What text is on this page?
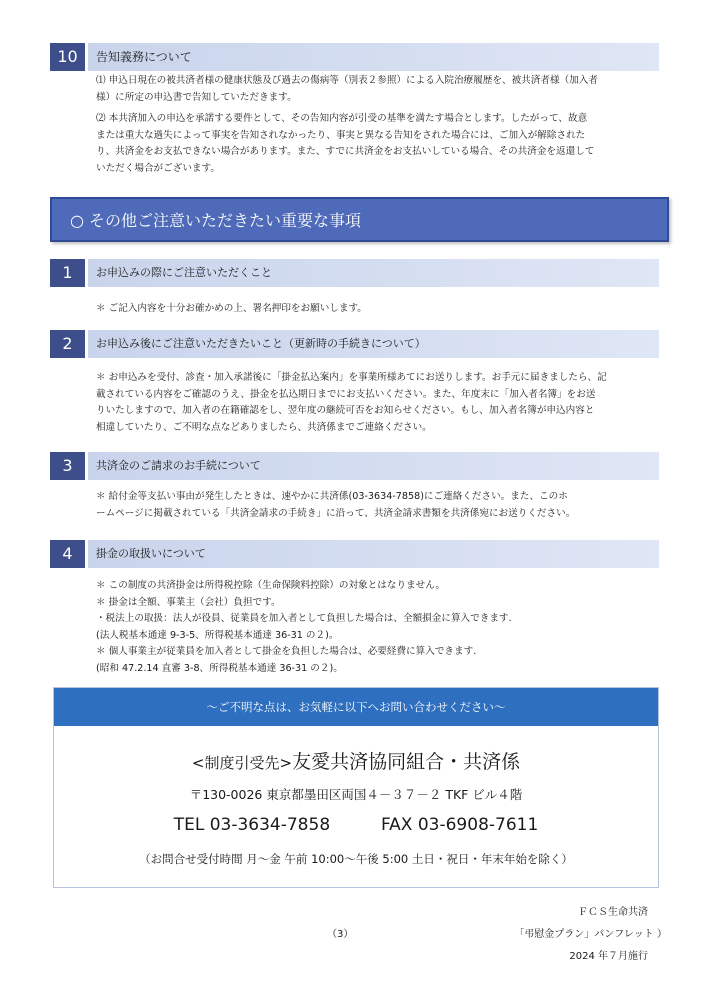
10	告知義務について
⑴ 申込日現在の被共済者様の健康状態及び過去の傷病等（別表２参照）による入院治療履歴を、被共済者様（加入者
様）に所定の申込書で告知していただきます。
⑵ 本共済加入の申込を承諾する要件として、その告知内容が引受の基準を満たす場合とします。したがって、故意
または重大な過失によって事実を告知されなかったり、事実と異なる告知をされた場合には、ご加入が解除された
り、共済金をお支払できない場合があります。また、すでに共済金をお支払いしている場合、その共済金を返還して
いただく場合がございます。
○ その他ご注意いただきたい重要な事項
1	お申込みの際にご注意いただくこと
＊ ご記入内容を十分お確かめの上、署名押印をお願いします。
2	お申込み後にご注意いただきたいこと（更新時の手続きについて）
＊ お申込みを受付、診査・加入承諾後に「掛金払込案内」を事業所様あてにお送りします。お手元に届きましたら、記
載されている内容をご確認のうえ、掛金を払込期日までにお支払いください。また、年度末に「加入者名簿」をお送
りいたしますので、加入者の在籍確認をし、翌年度の継続可否をお知らせください。もし、加入者名簿が申込内容と
相違していたり、ご不明な点などありましたら、共済係までご連絡ください。
3	共済金のご請求のお手続について
＊ 給付金等支払い事由が発生したときは、速やかに共済係(03-3634-7858)にご連絡ください。また、このホ
ームページに掲載されている「共済金請求の手続き」に沿って、共済金請求書類を共済係宛にお送りください。
4	掛金の取扱いについて
＊ この制度の共済掛金は所得税控除（生命保険料控除）の対象とはなりません。
＊ 掛金は全額、事業主（会社）負担です。
・税法上の取扱：法人が役員、従業員を加入者として負担した場合は、全額損金に算入できます.
(法人税基本通達 9-3-5、所得税基本通達 36-31 の２)。
＊ 個人事業主が従業員を加入者として掛金を負担した場合は、必要経費に算入できます.
(昭和 47.2.14 直審 3-8、所得税基本通達 36-31 の２)。
～ご不明な点は、お気軽に以下へお問い合わせください～
<制度引受先>友愛共済協同組合・共済係
〒130-0026 東京都墨田区両国４－３７－２ TKF ビル４階
TEL 03-3634-7858	FAX 03-6908-7611
（お問合せ受付時間 月～金 午前 10:00～午後 5:00 土日・祝日・年末年始を除く）
（3）
ＦＣＳ生命共済
「弔慰金プラン」パンフレット ）
2024 年７月施行
